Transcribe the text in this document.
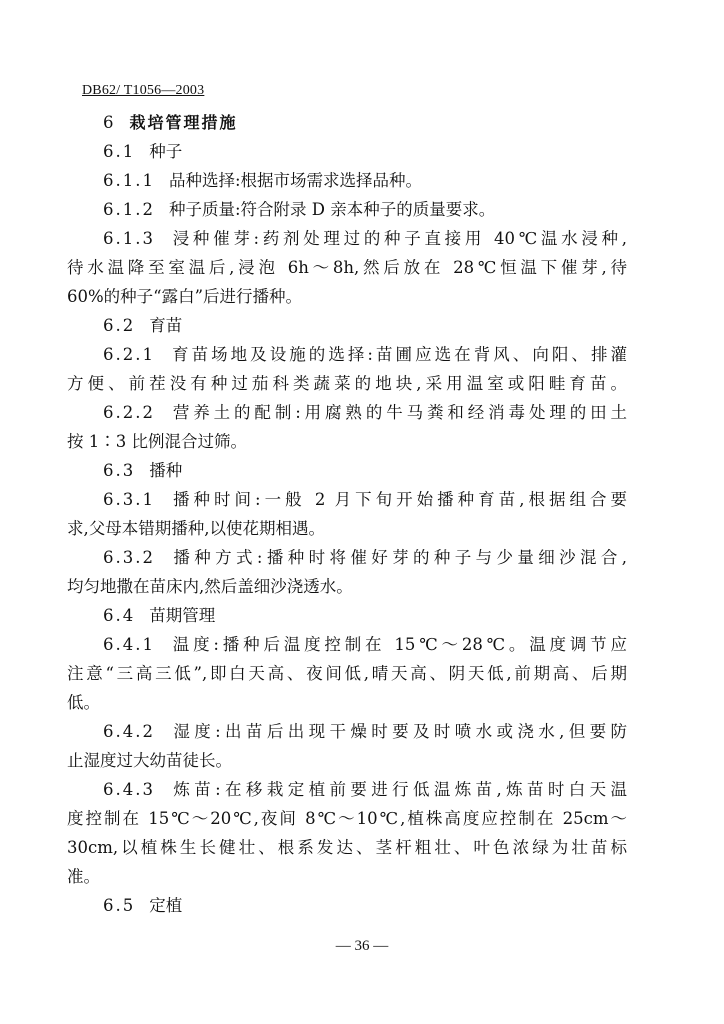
DB62/ T1056—2003
6 栽培管理措施
6.1 种子
6.1.1 品种选择:根据市场需求选择品种。
6.1.2 种子质量:符合附录 D 亲本种子的质量要求。
6.1.3 浸种催芽:药剂处理过的种子直接用 40℃温水浸种,
待水温降至室温后,浸泡 6h～8h,然后放在 28℃恒温下催芽,待
60%的种子“露白”后进行播种。
6.2 育苗
6.2.1 育苗场地及设施的选择:苗圃应选在背风、向阳、排灌
方便、前茬没有种过茄科类蔬菜的地块,采用温室或阳畦育苗。
6.2.2 营养土的配制:用腐熟的牛马粪和经消毒处理的田土
按 1∶3 比例混合过筛。
6.3 播种
6.3.1 播种时间:一般 2 月下旬开始播种育苗,根据组合要
求,父母本错期播种,以使花期相遇。
6.3.2 播种方式:播种时将催好芽的种子与少量细沙混合,
均匀地撒在苗床内,然后盖细沙浇透水。
6.4 苗期管理
6.4.1 温度:播种后温度控制在 15℃～28℃。温度调节应
注意“三高三低”,即白天高、夜间低,晴天高、阴天低,前期高、后期
低。
6.4.2 湿度:出苗后出现干燥时要及时喷水或浇水,但要防
止湿度过大幼苗徒长。
6.4.3 炼苗:在移栽定植前要进行低温炼苗,炼苗时白天温
度控制在 15℃～20℃,夜间 8℃～10℃,植株高度应控制在 25cm～
30cm,以植株生长健壮、根系发达、茎杆粗壮、叶色浓绿为壮苗标
准。
6.5 定植
— 36 —
